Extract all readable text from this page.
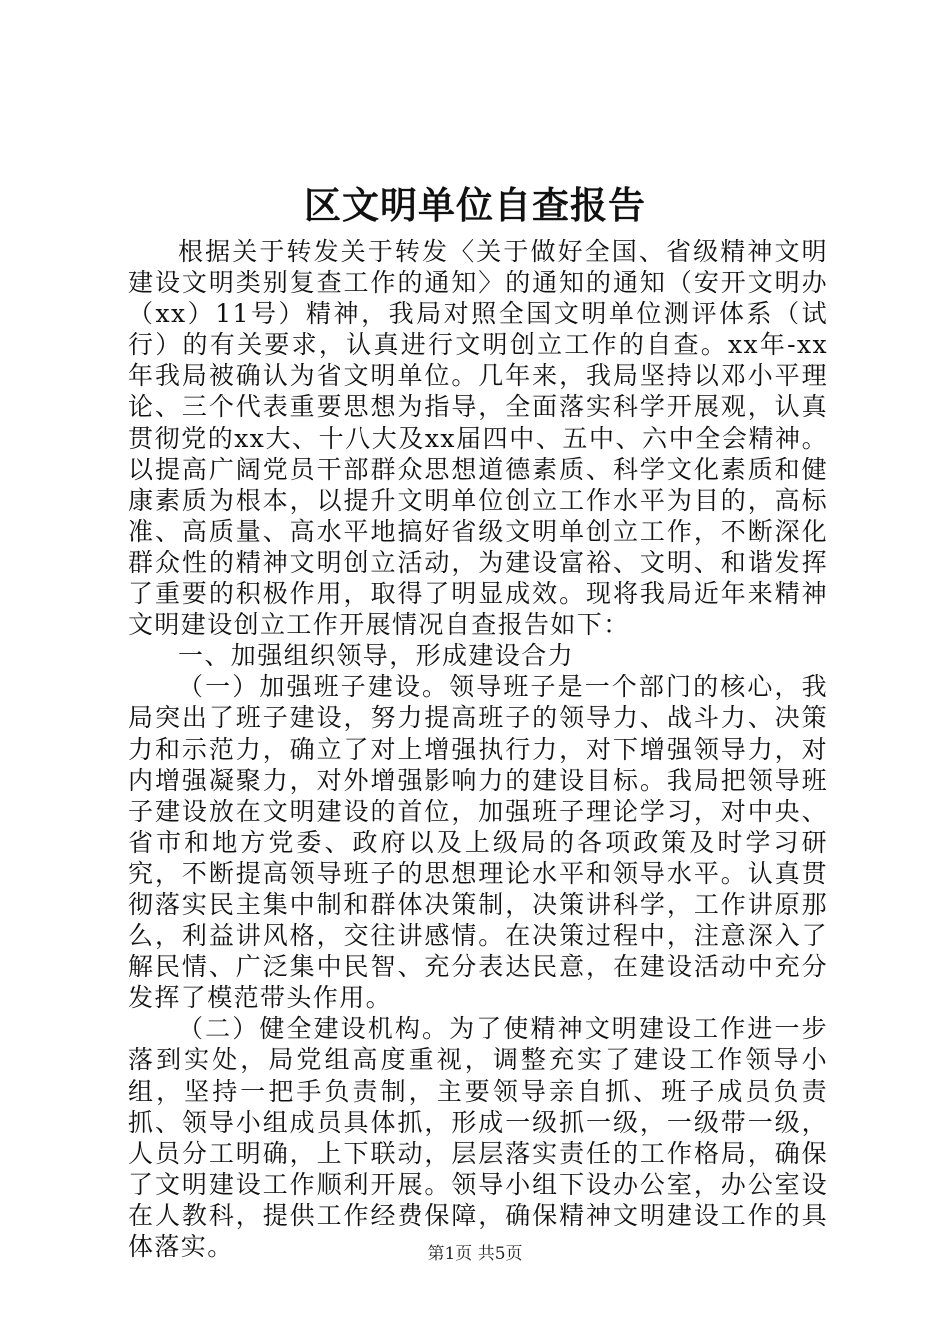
区文明单位自查报告

根据关于转发关于转发〈关于做好全国、省级精神文明建设文明类别复查工作的通知〉的通知的通知（安开文明办（xx）11号）精神，我局对照全国文明单位测评体系（试行）的有关要求，认真进行文明创立工作的自查。xx年-xx年我局被确认为省文明单位。几年来，我局坚持以邓小平理论、三个代表重要思想为指导，全面落实科学开展观，认真贯彻党的xx大、十八大及xx届四中、五中、六中全会精神。以提高广阔党员干部群众思想道德素质、科学文化素质和健康素质为根本，以提升文明单位创立工作水平为目的，高标准、高质量、高水平地搞好省级文明单创立工作，不断深化群众性的精神文明创立活动，为建设富裕、文明、和谐发挥了重要的积极作用，取得了明显成效。现将我局近年来精神文明建设创立工作开展情况自查报告如下：

一、加强组织领导，形成建设合力

（一）加强班子建设。领导班子是一个部门的核心，我局突出了班子建设，努力提高班子的领导力、战斗力、决策力和示范力，确立了对上增强执行力，对下增强领导力，对内增强凝聚力，对外增强影响力的建设目标。我局把领导班子建设放在文明建设的首位，加强班子理论学习，对中央、省市和地方党委、政府以及上级局的各项政策及时学习研究，不断提高领导班子的思想理论水平和领导水平。认真贯彻落实民主集中制和群体决策制，决策讲科学，工作讲原那么，利益讲风格，交往讲感情。在决策过程中，注意深入了解民情、广泛集中民智、充分表达民意，在建设活动中充分发挥了模范带头作用。

（二）健全建设机构。为了使精神文明建设工作进一步落到实处，局党组高度重视，调整充实了建设工作领导小组，坚持一把手负责制，主要领导亲自抓、班子成员负责抓、领导小组成员具体抓，形成一级抓一级，一级带一级，人员分工明确，上下联动，层层落实责任的工作格局，确保了文明建设工作顺利开展。领导小组下设办公室，办公室设在人教科，提供工作经费保障，确保精神文明建设工作的具体落实。	第1页 共5页
